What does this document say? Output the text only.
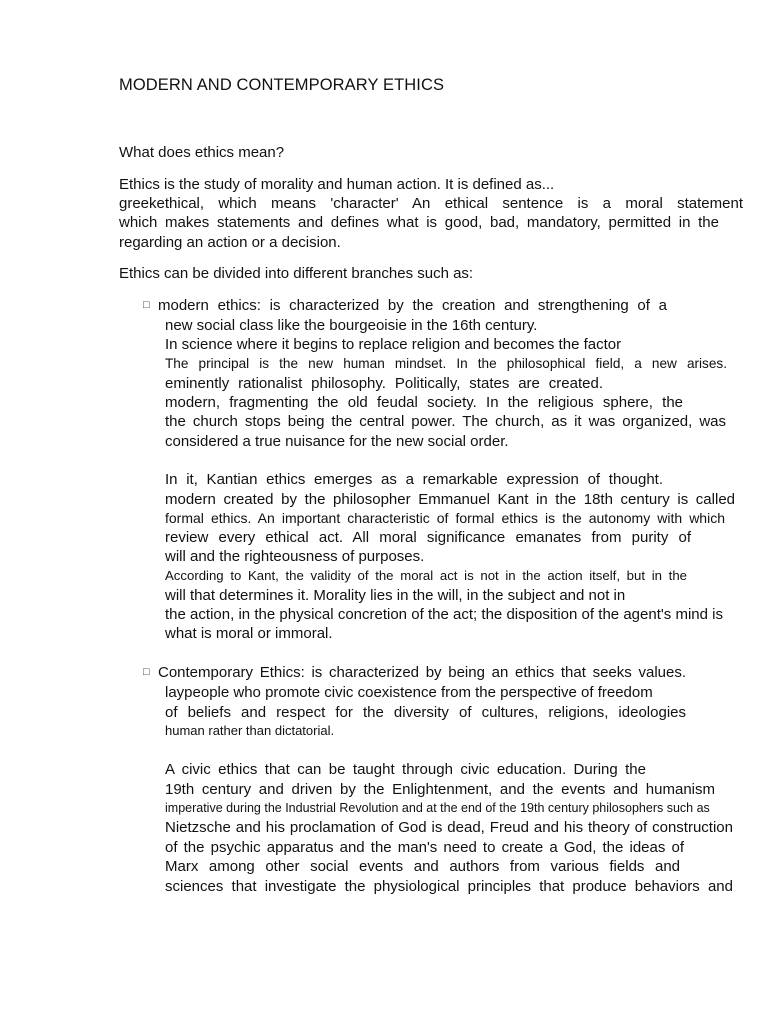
MODERN AND CONTEMPORARY ETHICS
What does ethics mean?
Ethics is the study of morality and human action. It is defined as...
greekethical, which means 'character' An ethical sentence is a moral statement
which makes statements and defines what is good, bad, mandatory, permitted in the
regarding an action or a decision.
Ethics can be divided into different branches such as:
□ modern ethics: is characterized by the creation and strengthening of a
new social class like the bourgeoisie in the 16th century.
In science where it begins to replace religion and becomes the factor
The principal is the new human mindset. In the philosophical field, a new arises.
eminently rationalist philosophy. Politically, states are created.
modern, fragmenting the old feudal society. In the religious sphere, the
the church stops being the central power. The church, as it was organized, was
considered a true nuisance for the new social order.
In it, Kantian ethics emerges as a remarkable expression of thought.
modern created by the philosopher Emmanuel Kant in the 18th century is called
formal ethics. An important characteristic of formal ethics is the autonomy with which
review every ethical act. All moral significance emanates from purity of
will and the righteousness of purposes.
According to Kant, the validity of the moral act is not in the action itself, but in the
will that determines it. Morality lies in the will, in the subject and not in
the action, in the physical concretion of the act; the disposition of the agent's mind is
what is moral or immoral.
□ Contemporary Ethics: is characterized by being an ethics that seeks values.
laypeople who promote civic coexistence from the perspective of freedom
of beliefs and respect for the diversity of cultures, religions, ideologies
human rather than dictatorial.
A civic ethics that can be taught through civic education. During the
19th century and driven by the Enlightenment, and the events and humanism
imperative during the Industrial Revolution and at the end of the 19th century philosophers such as
Nietzsche and his proclamation of God is dead, Freud and his theory of construction
of the psychic apparatus and the man's need to create a God, the ideas of
Marx among other social events and authors from various fields and
sciences that investigate the physiological principles that produce behaviors and
